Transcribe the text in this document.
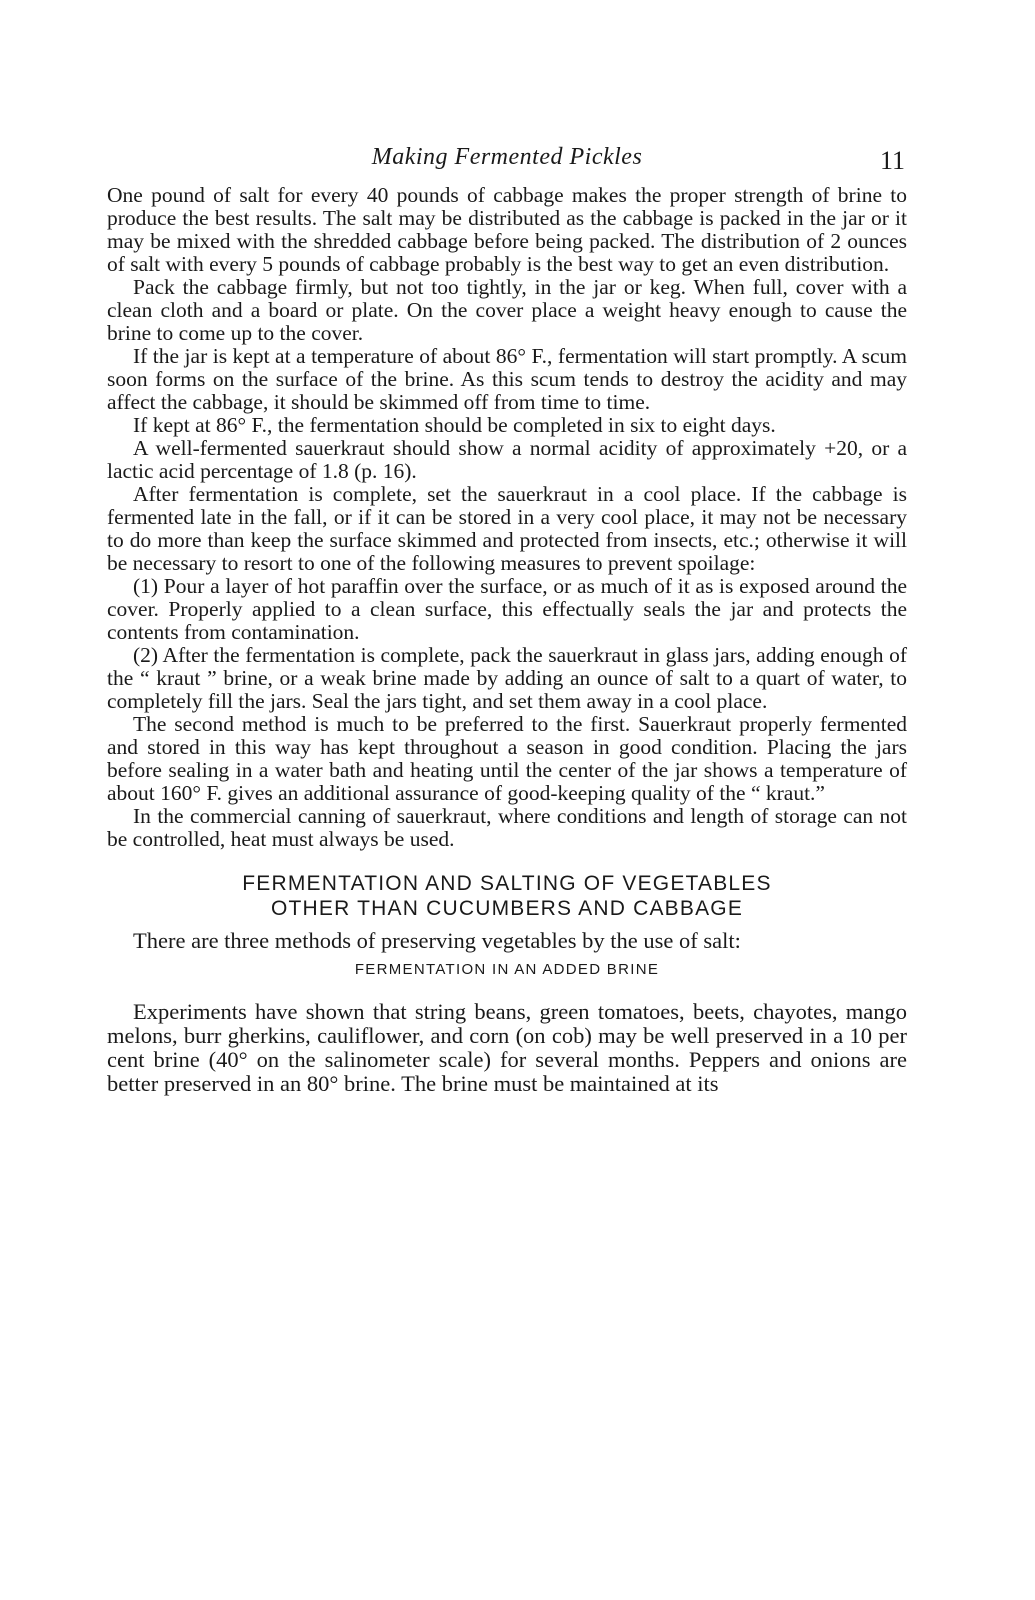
Making Fermented Pickles	11

One pound of salt for every 40 pounds of cabbage makes the proper strength of brine to produce the best results. The salt may be distributed as the cabbage is packed in the jar or it may be mixed with the shredded cabbage before being packed. The distribution of 2 ounces of salt with every 5 pounds of cabbage probably is the best way to get an even distribution.

Pack the cabbage firmly, but not too tightly, in the jar or keg. When full, cover with a clean cloth and a board or plate. On the cover place a weight heavy enough to cause the brine to come up to the cover.

If the jar is kept at a temperature of about 86° F., fermentation will start promptly. A scum soon forms on the surface of the brine. As this scum tends to destroy the acidity and may affect the cabbage, it should be skimmed off from time to time.

If kept at 86° F., the fermentation should be completed in six to eight days.

A well-fermented sauerkraut should show a normal acidity of approximately +20, or a lactic acid percentage of 1.8 (p. 16).

After fermentation is complete, set the sauerkraut in a cool place. If the cabbage is fermented late in the fall, or if it can be stored in a very cool place, it may not be necessary to do more than keep the surface skimmed and protected from insects, etc.; otherwise it will be necessary to resort to one of the following measures to prevent spoilage:

(1) Pour a layer of hot paraffin over the surface, or as much of it as is exposed around the cover. Properly applied to a clean surface, this effectually seals the jar and protects the contents from contamination.

(2) After the fermentation is complete, pack the sauerkraut in glass jars, adding enough of the “ kraut ” brine, or a weak brine made by adding an ounce of salt to a quart of water, to completely fill the jars. Seal the jars tight, and set them away in a cool place.

The second method is much to be preferred to the first. Sauerkraut properly fermented and stored in this way has kept throughout a season in good condition. Placing the jars before sealing in a water bath and heating until the center of the jar shows a temperature of about 160° F. gives an additional assurance of good-keeping quality of the “ kraut.”

In the commercial canning of sauerkraut, where conditions and length of storage can not be controlled, heat must always be used.

FERMENTATION AND SALTING OF VEGETABLES
OTHER THAN CUCUMBERS AND CABBAGE

There are three methods of preserving vegetables by the use of salt:

FERMENTATION IN AN ADDED BRINE

Experiments have shown that string beans, green tomatoes, beets, chayotes, mango melons, burr gherkins, cauliflower, and corn (on cob) may be well preserved in a 10 per cent brine (40° on the salinometer scale) for several months. Peppers and onions are better preserved in an 80° brine. The brine must be maintained at its
